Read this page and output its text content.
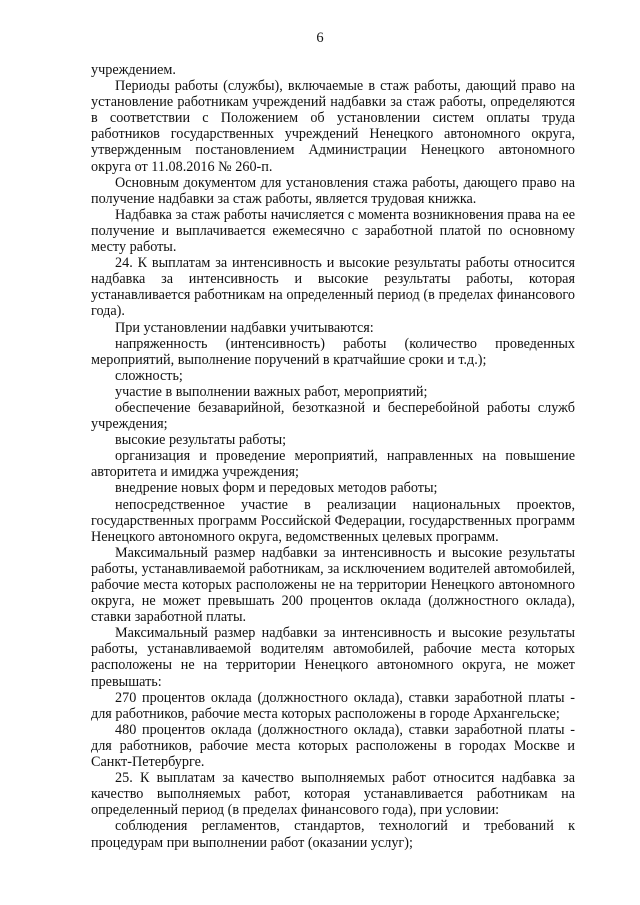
6

учреждением.

Периоды работы (службы), включаемые в стаж работы, дающий право на установление работникам учреждений надбавки за стаж работы, определяются в соответствии с Положением об установлении систем оплаты труда работников государственных учреждений Ненецкого автономного округа, утвержденным постановлением Администрации Ненецкого автономного округа от 11.08.2016 № 260-п.

Основным документом для установления стажа работы, дающего право на получение надбавки за стаж работы, является трудовая книжка.

Надбавка за стаж работы начисляется с момента возникновения права на ее получение и выплачивается ежемесячно с заработной платой по основному месту работы.

24. К выплатам за интенсивность и высокие результаты работы относится надбавка за интенсивность и высокие результаты работы, которая устанавливается работникам на определенный период (в пределах финансового года).

При установлении надбавки учитываются:

напряженность (интенсивность) работы (количество проведенных мероприятий, выполнение поручений в кратчайшие сроки и т.д.);

сложность;

участие в выполнении важных работ, мероприятий;

обеспечение безаварийной, безотказной и бесперебойной работы служб учреждения;

высокие результаты работы;

организация и проведение мероприятий, направленных на повышение авторитета и имиджа учреждения;

внедрение новых форм и передовых методов работы;

непосредственное участие в реализации национальных проектов, государственных программ Российской Федерации, государственных программ Ненецкого автономного округа, ведомственных целевых программ.

Максимальный размер надбавки за интенсивность и высокие результаты работы, устанавливаемой работникам, за исключением водителей автомобилей, рабочие места которых расположены не на территории Ненецкого автономного округа, не может превышать 200 процентов оклада (должностного оклада), ставки заработной платы.

Максимальный размер надбавки за интенсивность и высокие результаты работы, устанавливаемой водителям автомобилей, рабочие места которых расположены не на территории Ненецкого автономного округа, не может превышать:

270 процентов оклада (должностного оклада), ставки заработной платы - для работников, рабочие места которых расположены в городе Архангельске;

480 процентов оклада (должностного оклада), ставки заработной платы - для работников, рабочие места которых расположены в городах Москве и Санкт-Петербурге.

25. К выплатам за качество выполняемых работ относится надбавка за качество выполняемых работ, которая устанавливается работникам на определенный период (в пределах финансового года), при условии:

соблюдения регламентов, стандартов, технологий и требований к процедурам при выполнении работ (оказании услуг);
